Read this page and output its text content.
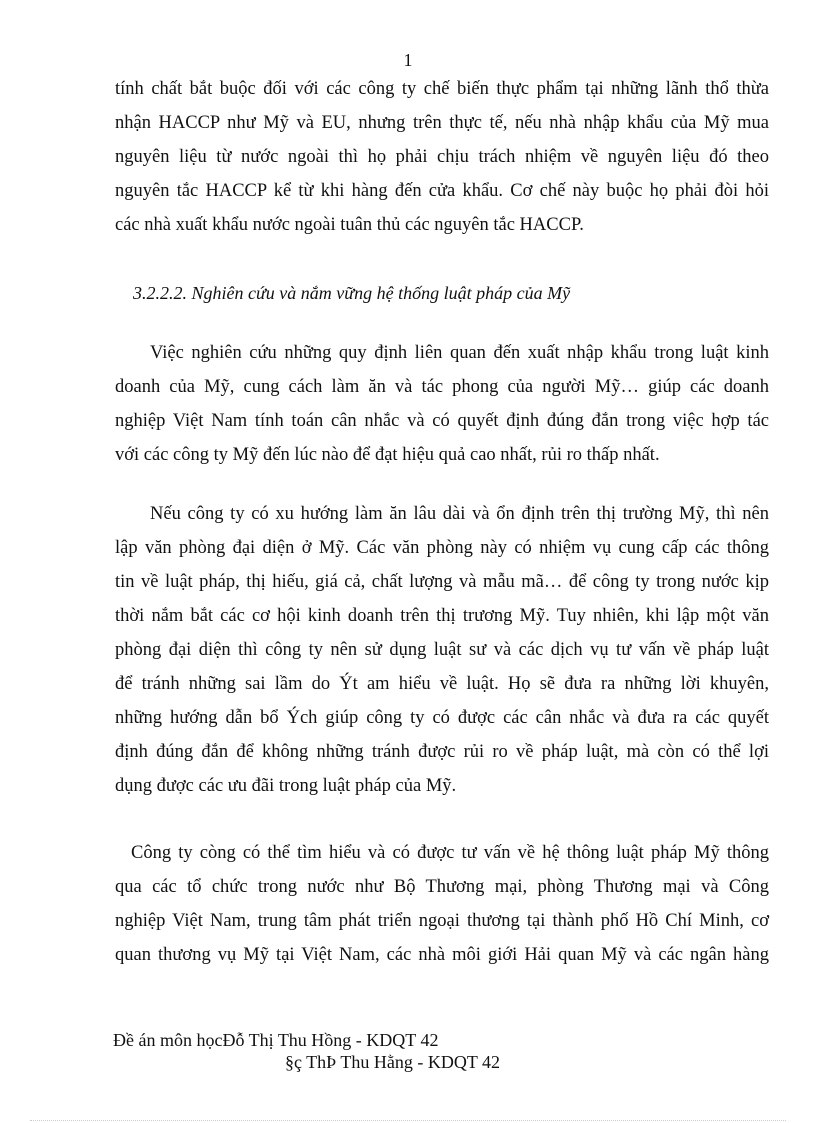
1
tính chất bắt buộc đối với các công ty chế biến thực phẩm tại những lãnh thổ thừa
nhận HACCP như Mỹ và EU, nhưng trên thực tế, nếu nhà nhập khẩu của Mỹ mua
nguyên liệu từ nước ngoài thì họ phải chịu trách nhiệm về nguyên liệu đó theo
nguyên tắc HACCP kể từ khi hàng đến cửa khẩu. Cơ chế này buộc họ phải đòi hỏi
các nhà xuất khẩu nước ngoài tuân thủ các nguyên tắc HACCP.
3.2.2.2. Nghiên cứu và nắm vững hệ thống luật pháp của Mỹ
Việc nghiên cứu những quy định liên quan đến xuất nhập khẩu trong luật kinh
doanh của Mỹ, cung cách làm ăn và tác phong của người Mỹ… giúp các doanh
nghiệp Việt Nam tính toán cân nhắc và có quyết định đúng đắn trong việc hợp tác
với các công ty Mỹ đến lúc nào để đạt hiệu quả cao nhất, rủi ro thấp nhất.
Nếu công ty có xu hướng làm ăn lâu dài và ổn định trên thị trường Mỹ, thì nên
lập văn phòng đại diện ở Mỹ. Các văn phòng này có nhiệm vụ cung cấp các thông
tin về luật pháp, thị hiếu, giá cả, chất lượng và mẫu mã… để công ty trong nước kịp
thời nắm bắt các cơ hội kinh doanh trên thị trương Mỹ. Tuy nhiên, khi lập một văn
phòng đại diện thì công ty nên sử dụng luật sư và các dịch vụ tư vấn về pháp luật
để tránh những sai lầm do Ýt am hiểu về luật. Họ sẽ đưa ra những lời khuyên,
những hướng dẫn bổ Ých giúp công ty có được các cân nhắc và đưa ra các quyết
định đúng đắn để không những tránh được rủi ro về pháp luật, mà còn có thể lợi
dụng được các ưu đãi trong luật pháp của Mỹ.
Công ty còng có thể tìm hiểu và có được tư vấn về hệ thông luật pháp Mỹ thông
qua các tổ chức trong nước như Bộ Thương mại, phòng Thương mại và Công
nghiệp Việt Nam, trung tâm phát triển ngoại thương tại thành phố Hồ Chí Minh, cơ
quan thương vụ Mỹ tại Việt Nam, các nhà môi giới Hải quan Mỹ và các ngân hàng
Đề án môn họcĐỗ Thị Thu Hồng - KDQT 42
§ç ThÞ Thu Hằng - KDQT 42
